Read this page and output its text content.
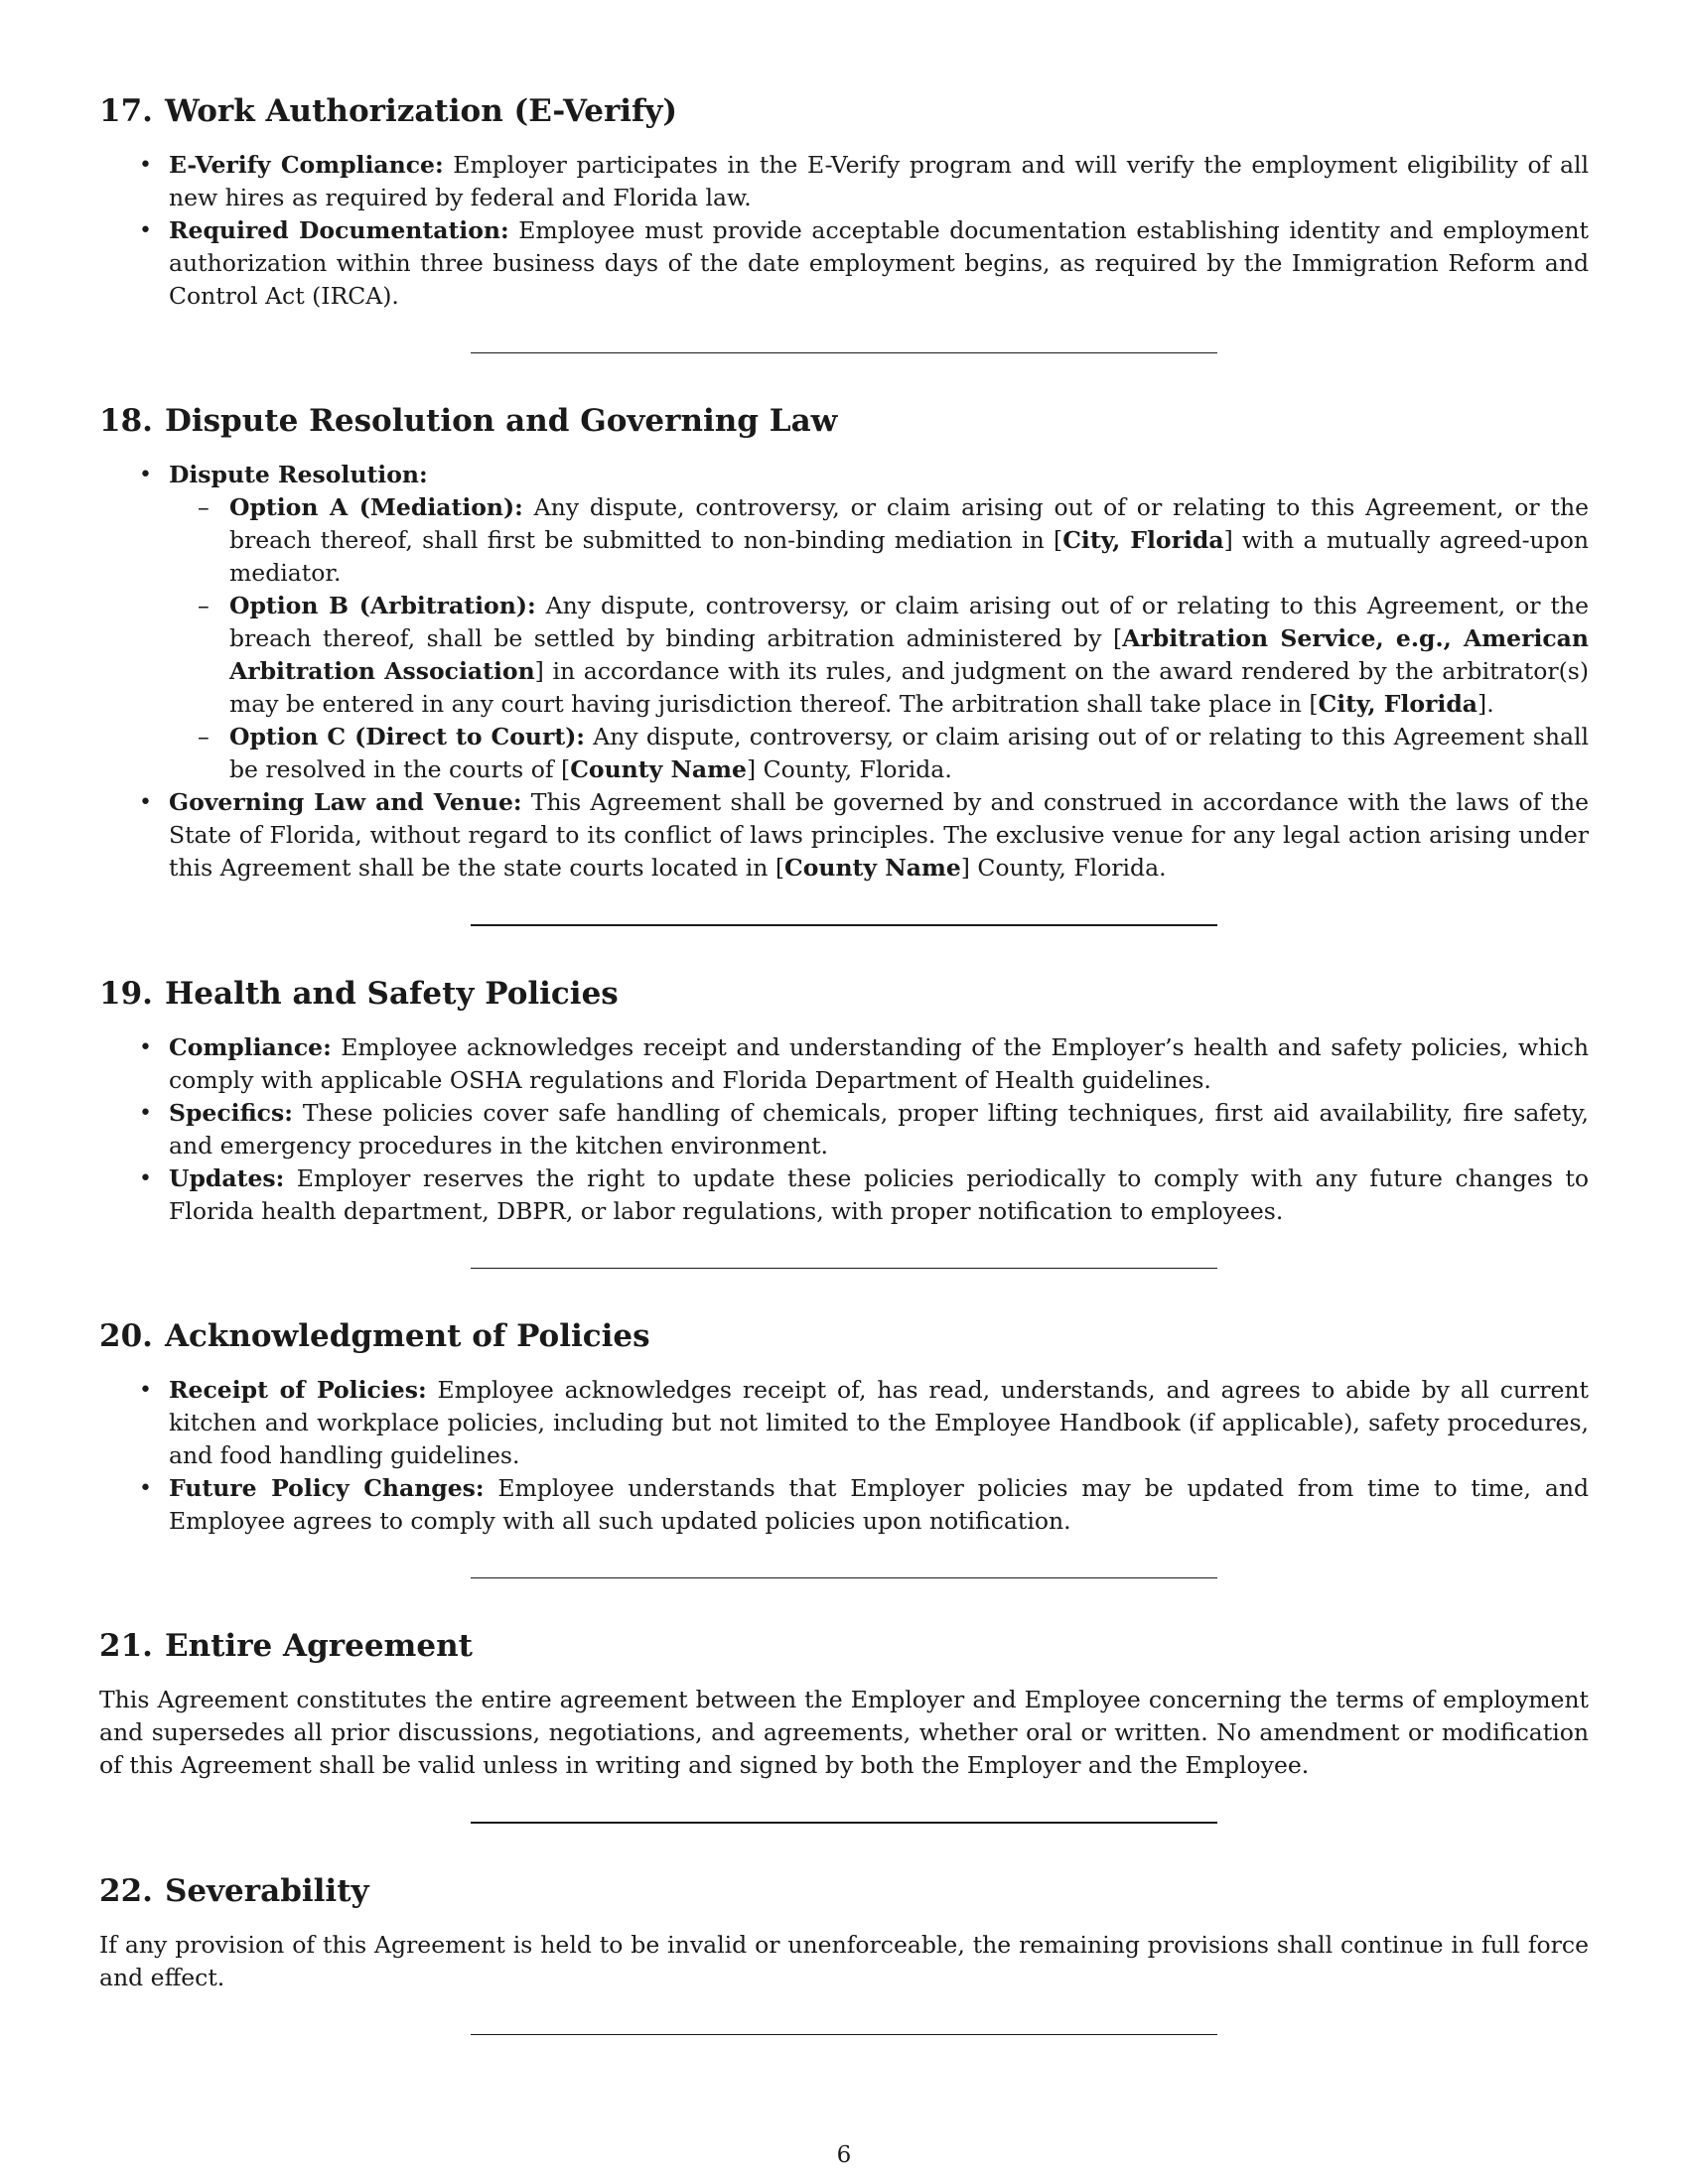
17. Work Authorization (E-Verify)
• E-Verify Compliance: Employer participates in the E-Verify program and will verify the employment eligibility of all new hires as required by federal and Florida law.
• Required Documentation: Employee must provide acceptable documentation establishing identity and employment authorization within three business days of the date employment begins, as required by the Immigration Reform and Control Act (IRCA).
18. Dispute Resolution and Governing Law
• Dispute Resolution:
– Option A (Mediation): Any dispute, controversy, or claim arising out of or relating to this Agreement, or the breach thereof, shall first be submitted to non-binding mediation in [City, Florida] with a mutually agreed-upon mediator.
– Option B (Arbitration): Any dispute, controversy, or claim arising out of or relating to this Agreement, or the breach thereof, shall be settled by binding arbitration administered by [Arbitration Service, e.g., American Arbitration Association] in accordance with its rules, and judgment on the award rendered by the arbitrator(s) may be entered in any court having jurisdiction thereof. The arbitration shall take place in [City, Florida].
– Option C (Direct to Court): Any dispute, controversy, or claim arising out of or relating to this Agreement shall be resolved in the courts of [County Name] County, Florida.
• Governing Law and Venue: This Agreement shall be governed by and construed in accordance with the laws of the State of Florida, without regard to its conflict of laws principles. The exclusive venue for any legal action arising under this Agreement shall be the state courts located in [County Name] County, Florida.
19. Health and Safety Policies
• Compliance: Employee acknowledges receipt and understanding of the Employer’s health and safety policies, which comply with applicable OSHA regulations and Florida Department of Health guidelines.
• Specifics: These policies cover safe handling of chemicals, proper lifting techniques, first aid availability, fire safety, and emergency procedures in the kitchen environment.
• Updates: Employer reserves the right to update these policies periodically to comply with any future changes to Florida health department, DBPR, or labor regulations, with proper notification to employees.
20. Acknowledgment of Policies
• Receipt of Policies: Employee acknowledges receipt of, has read, understands, and agrees to abide by all current kitchen and workplace policies, including but not limited to the Employee Handbook (if applicable), safety procedures, and food handling guidelines.
• Future Policy Changes: Employee understands that Employer policies may be updated from time to time, and Employee agrees to comply with all such updated policies upon notification.
21. Entire Agreement

This Agreement constitutes the entire agreement between the Employer and Employee concerning the terms of employment and supersedes all prior discussions, negotiations, and agreements, whether oral or written. No amendment or modification of this Agreement shall be valid unless in writing and signed by both the Employer and the Employee.

22. Severability

If any provision of this Agreement is held to be invalid or unenforceable, the remaining provisions shall continue in full force and effect.

6
